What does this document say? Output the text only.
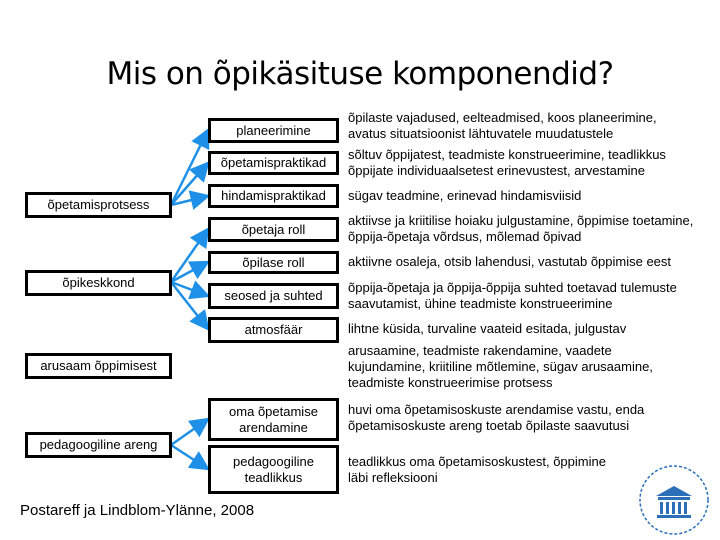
Mis on õpikäsituse komponendid?
õpetamisprotsess
õpikeskkond
arusaam õppimisest
pedagoogiline areng
planeerimine
õpetamispraktikad
hindamispraktikad
õpetaja roll
õpilase roll
seosed ja suhted
atmosfäär
oma õpetamise arendamine
pedagoogiline teadlikkus
õpilaste vajadused, eelteadmised, koos planeerimine, avatus situatsioonist lähtuvatele muudatustele
sõltuv õppijatest, teadmiste konstrueerimine, teadlikkus õppijate individuaalsetest erinevustest, arvestamine
sügav teadmine, erinevad hindamisviisid
aktiivse ja kriitilise hoiaku julgustamine, õppimise toetamine, õppija-õpetaja võrdsus, mõlemad õpivad
aktiivne osaleja, otsib lahendusi, vastutab õppimise eest
õppija-õpetaja ja õppija-õppija suhted toetavad tulemuste saavutamist, ühine teadmiste konstrueerimine
lihtne küsida, turvaline vaateid esitada, julgustav
arusaamine, teadmiste rakendamine, vaadete kujundamine, kriitiline mõtlemine, sügav arusaamine, teadmiste konstrueerimise protsess
huvi oma õpetamisoskuste arendamise vastu, enda õpetamisoskuste areng toetab õpilaste saavutusi
teadlikkus oma õpetamisoskustest, õppimine läbi refleksiooni
Postareff ja Lindblom-Ylänne, 2008
